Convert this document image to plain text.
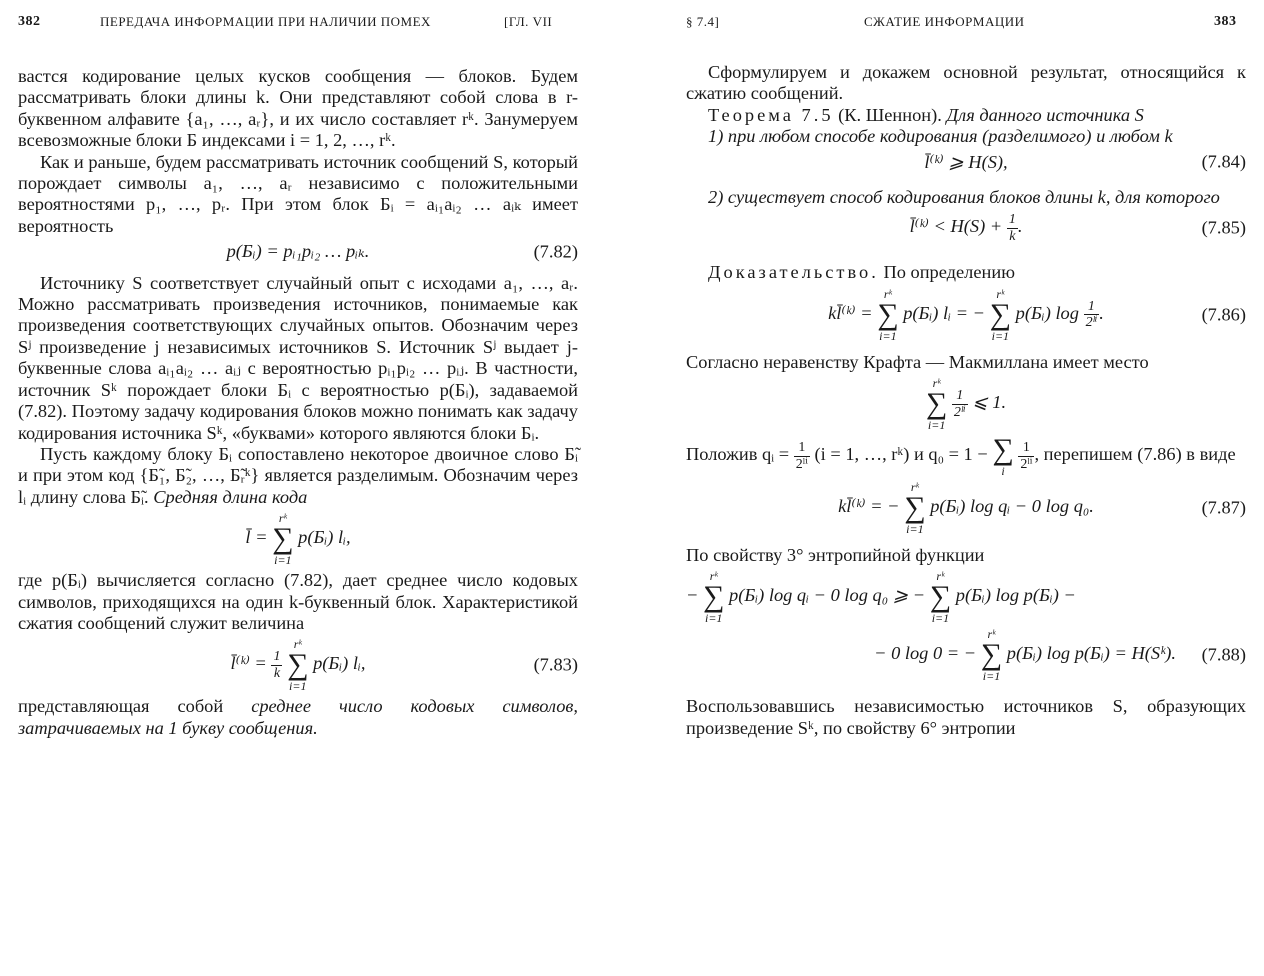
382	ПЕРЕДАЧА ИНФОРМАЦИИ ПРИ НАЛИЧИИ ПОМЕХ	[ГЛ. VII

вастся кодирование целых кусков сообщения — блоков. Будем рассматривать блоки длины k. Они представляют собой слова в r-буквенном алфавите {a₁, …, aᵣ}, и их число составляет rᵏ. Занумеруем всевозможные блоки Б индексами i = 1, 2, …, rᵏ.

Как и раньше, будем рассматривать источник сообщений S, который порождает символы a₁, …, aᵣ независимо с положительными вероятностями p₁, …, pᵣ. При этом блок Бᵢ = aᵢ₁aᵢ₂ … aᵢₖ имеет вероятность

p(Бᵢ) = pᵢ₁pᵢ₂ … pᵢₖ.	(7.82)

Источнику S соответствует случайный опыт с исходами a₁, …, aᵣ. Можно рассматривать произведения источников, понимаемые как произведения соответствующих случайных опытов. Обозначим через Sʲ произведение j независимых источников S. Источник Sʲ выдает j-буквенные слова aᵢ₁aᵢ₂ … aᵢⱼ с вероятностью pᵢ₁pᵢ₂ … pᵢⱼ. В частности, источник Sᵏ порождает блоки Бᵢ с вероятностью p(Бᵢ), задаваемой (7.82). Поэтому задачу кодирования блоков можно понимать как задачу кодирования источника Sᵏ, «буквами» которого являются блоки Бᵢ.

Пусть каждому блоку Бᵢ сопоставлено некоторое двоичное слово Б̃ᵢ и при этом код {Б̃₁, Б̃₂, …, Б̃ᵣᵏ} является разделимым. Обозначим через lᵢ длину слова Б̃ᵢ. Средняя длина кода

l̄ =
rᵏ
∑
i=1
p(Бᵢ) lᵢ,

где p(Бᵢ) вычисляется согласно (7.82), дает среднее число кодовых символов, приходящихся на один k-буквенный блок. Характеристикой сжатия сообщений служит величина

l̄⁽ᵏ⁾ = $\frac{1}{k}$

rᵏ
∑
i=1
p(Бᵢ) lᵢ,	(7.83)

представляющая собой среднее число кодовых символов, затрачиваемых на 1 букву сообщения.

§ 7.4]	СЖАТИЕ ИНФОРМАЦИИ	383

Сформулируем и докажем основной результат, относящийся к сжатию сообщений.

Теорема 7.5 (К. Шеннон). Для данного источника S

1) при любом способе кодирования (разделимого) и любом k

l̄⁽ᵏ⁾ ⩾ H(S),	(7.84)

2) существует способ кодирования блоков длины k, для которого

l̄⁽ᵏ⁾ < $H(S) + \frac{1}{k}$ .	(7.85)

Доказательство. По определению

kl̄⁽ᵏ⁾ =
rᵏ
∑
i=1
p(Бᵢ) lᵢ = −
rᵏ
∑
i=1
p(Бᵢ) $\log \frac{1}{\text{2ˡⁱ}}$ .	(7.86)

Согласно неравенству Крафта — Макмиллана имеет место

rᵏ
∑
i=1

$\frac{1}{\text{2ˡⁱ}}$ ⩽ 1.

Положив qᵢ = $\frac{1}{\text{2ˡⁱ}} (i = 1$, …, rᵏ) и q₀ = 1 − ∑
i
$\frac{1}{\text{2ˡⁱ}}$ , перепишем (7.86) в виде

kl̄⁽ᵏ⁾ = −
rᵏ
∑
i=1
p(Бᵢ) log qᵢ − 0 log q₀.	(7.87)

По свойству 3° энтропийной функции

−
rᵏ
∑
i=1
p(Бᵢ) log qᵢ − 0 log q₀ ⩾ −
rᵏ
∑
i=1
p(Бᵢ) log p(Бᵢ) −
− 0 log 0 = −
rᵏ
∑
i=1
p(Бᵢ) log p(Бᵢ) = H(Sᵏ). (7.88)

Воспользовавшись независимостью источников S, образующих произведение Sᵏ, по свойству 6° энтропии
